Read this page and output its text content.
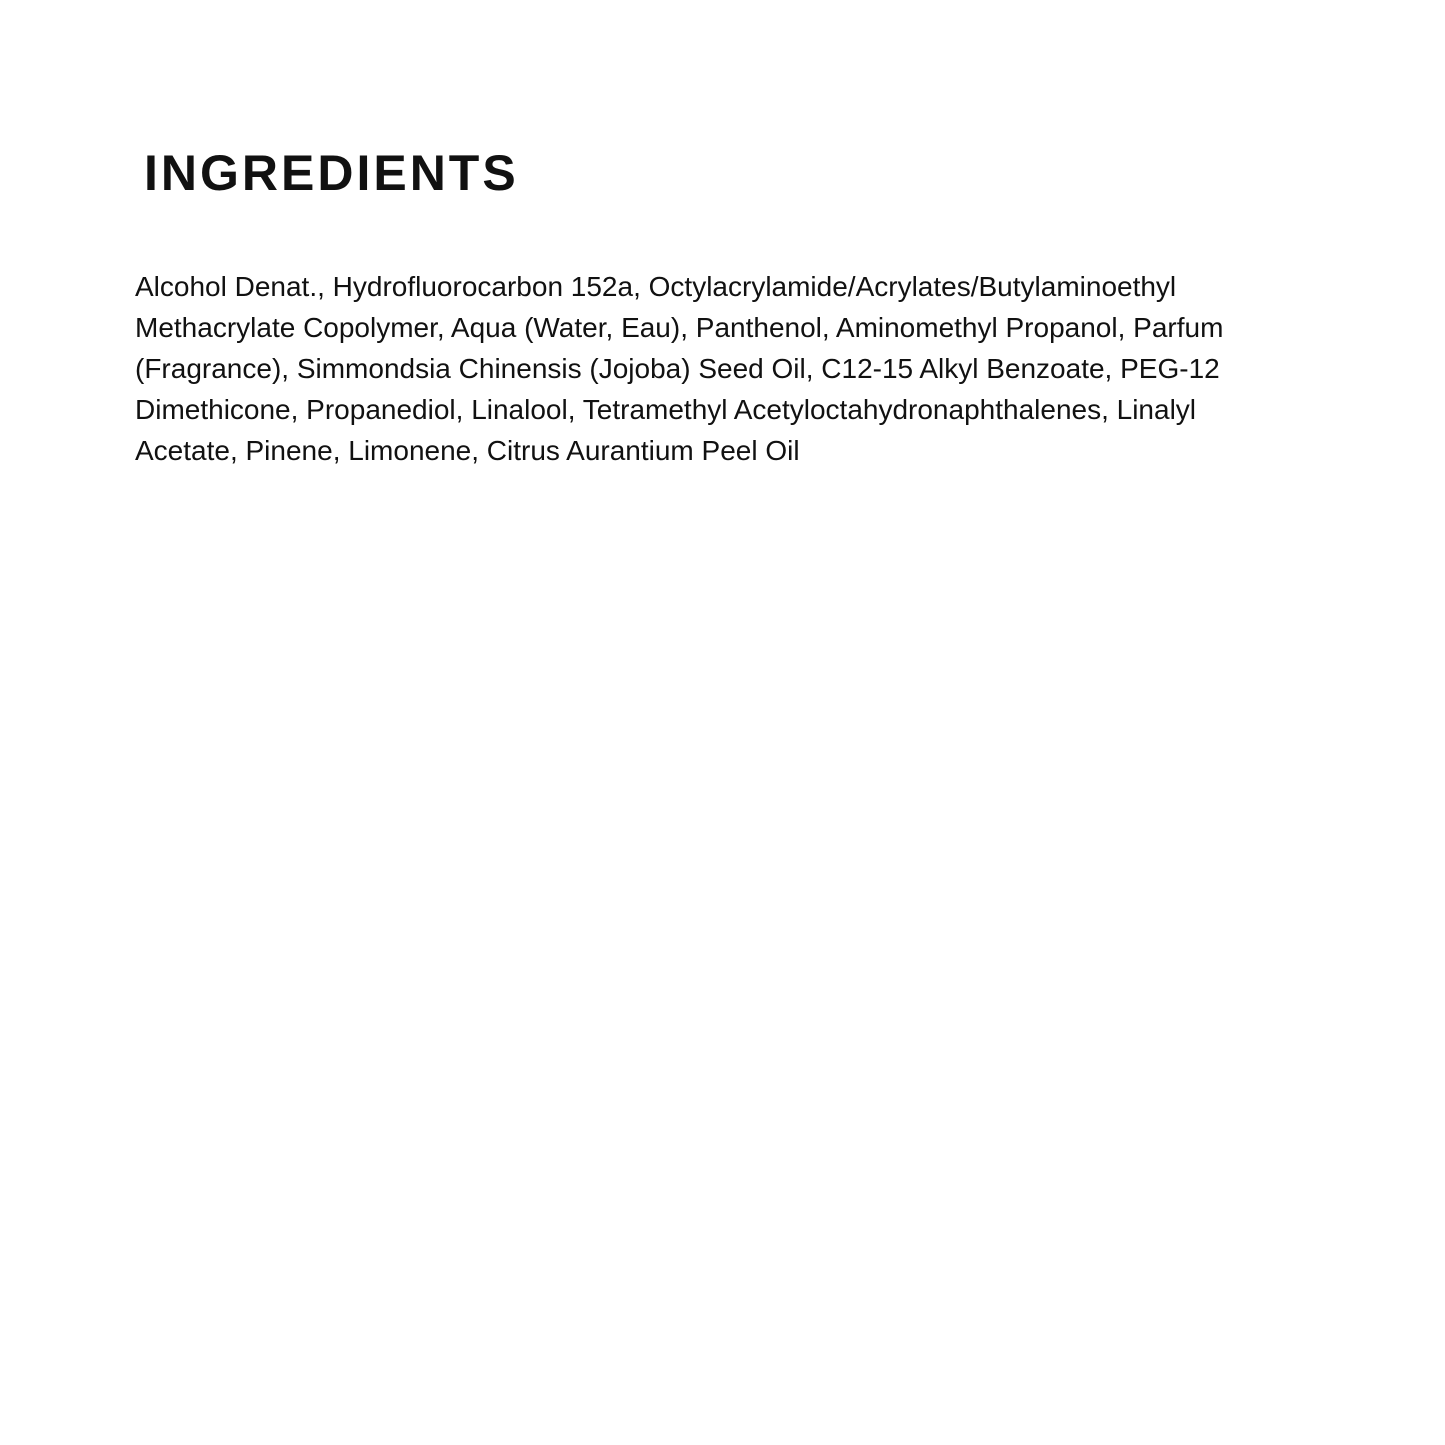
INGREDIENTS

Alcohol Denat., Hydrofluorocarbon 152a, Octylacrylamide/Acrylates/Butylaminoethyl Methacrylate Copolymer, Aqua (Water, Eau), Panthenol, Aminomethyl Propanol, Parfum (Fragrance), Simmondsia Chinensis (Jojoba) Seed Oil, C12-15 Alkyl Benzoate, PEG-12 Dimethicone, Propanediol, Linalool, Tetramethyl Acetyloctahydronaphthalenes, Linalyl Acetate, Pinene, Limonene, Citrus Aurantium Peel Oil
